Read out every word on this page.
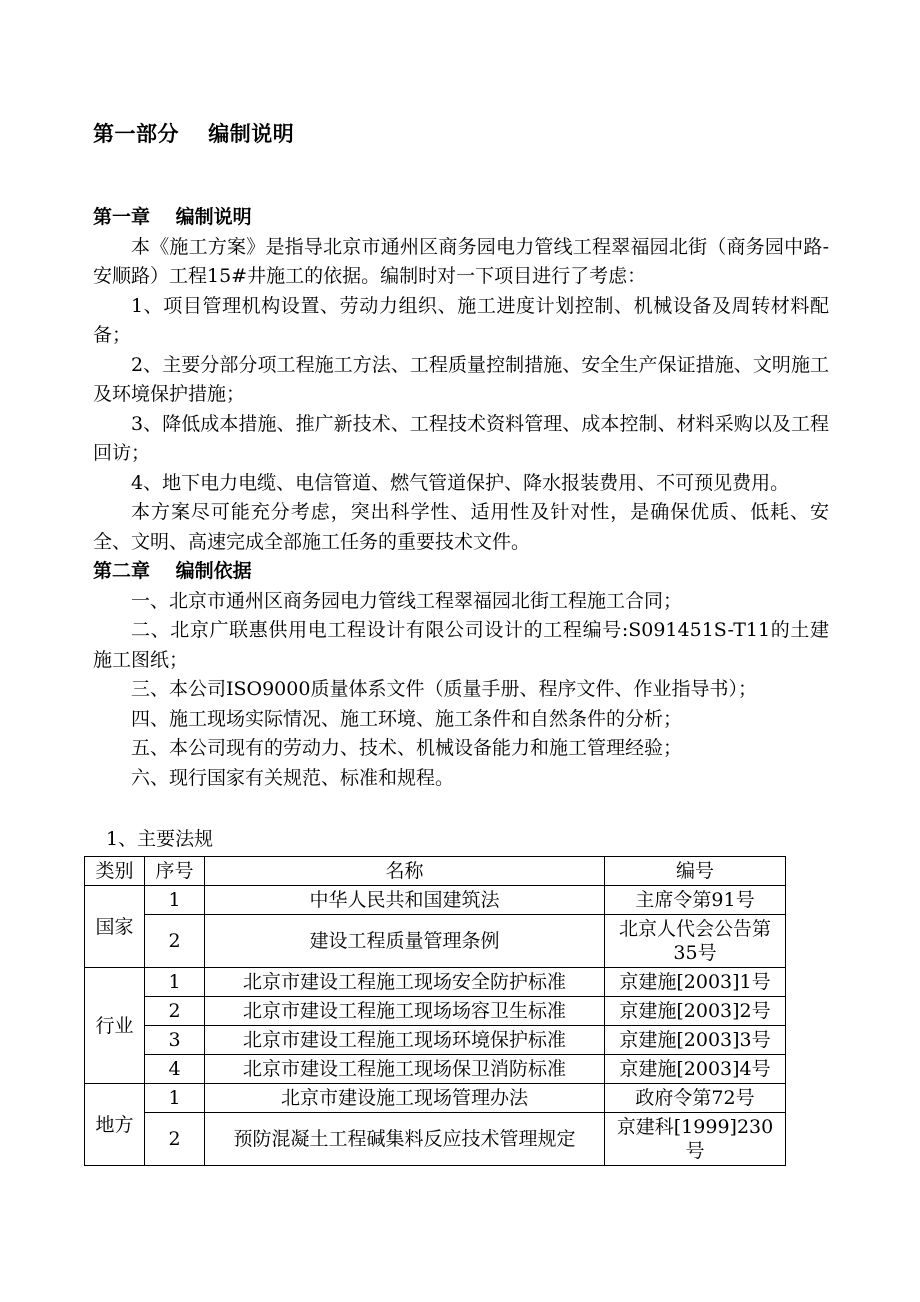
第一部分　 编制说明
第一章　 编制说明

本《施工方案》是指导北京市通州区商务园电力管线工程翠福园北街（商务园中路-安顺路）工程15#井施工的依据。编制时对一下项目进行了考虑：

1、项目管理机构设置、劳动力组织、施工进度计划控制、机械设备及周转材料配备；

2、主要分部分项工程施工方法、工程质量控制措施、安全生产保证措施、文明施工及环境保护措施；

3、降低成本措施、推广新技术、工程技术资料管理、成本控制、材料采购以及工程回访；

4、地下电力电缆、电信管道、燃气管道保护、降水报装费用、不可预见费用。

本方案尽可能充分考虑，突出科学性、适用性及针对性，是确保优质、低耗、安全、文明、高速完成全部施工任务的重要技术文件。

第二章　 编制依据

一、北京市通州区商务园电力管线工程翠福园北街工程施工合同；

二、北京广联惠供用电工程设计有限公司设计的工程编号:S091451S-T11的土建施工图纸；

三、本公司ISO9000质量体系文件（质量手册、程序文件、作业指导书）；

四、施工现场实际情况、施工环境、施工条件和自然条件的分析；

五、本公司现有的劳动力、技术、机械设备能力和施工管理经验；

六、现行国家有关规范、标准和规程。

1、主要法规
类别	序号	名称	编号
国家	1	中华人民共和国建筑法	主席令第91号
	2	建设工程质量管理条例	北京人代会公告第35号
行业	1	北京市建设工程施工现场安全防护标准	京建施[2003]1号
	2	北京市建设工程施工现场场容卫生标准	京建施[2003]2号
	3	北京市建设工程施工现场环境保护标准	京建施[2003]3号
	4	北京市建设工程施工现场保卫消防标准	京建施[2003]4号
地方	1	北京市建设施工现场管理办法	政府令第72号
	2	预防混凝土工程碱集料反应技术管理规定	京建科[1999]230号
